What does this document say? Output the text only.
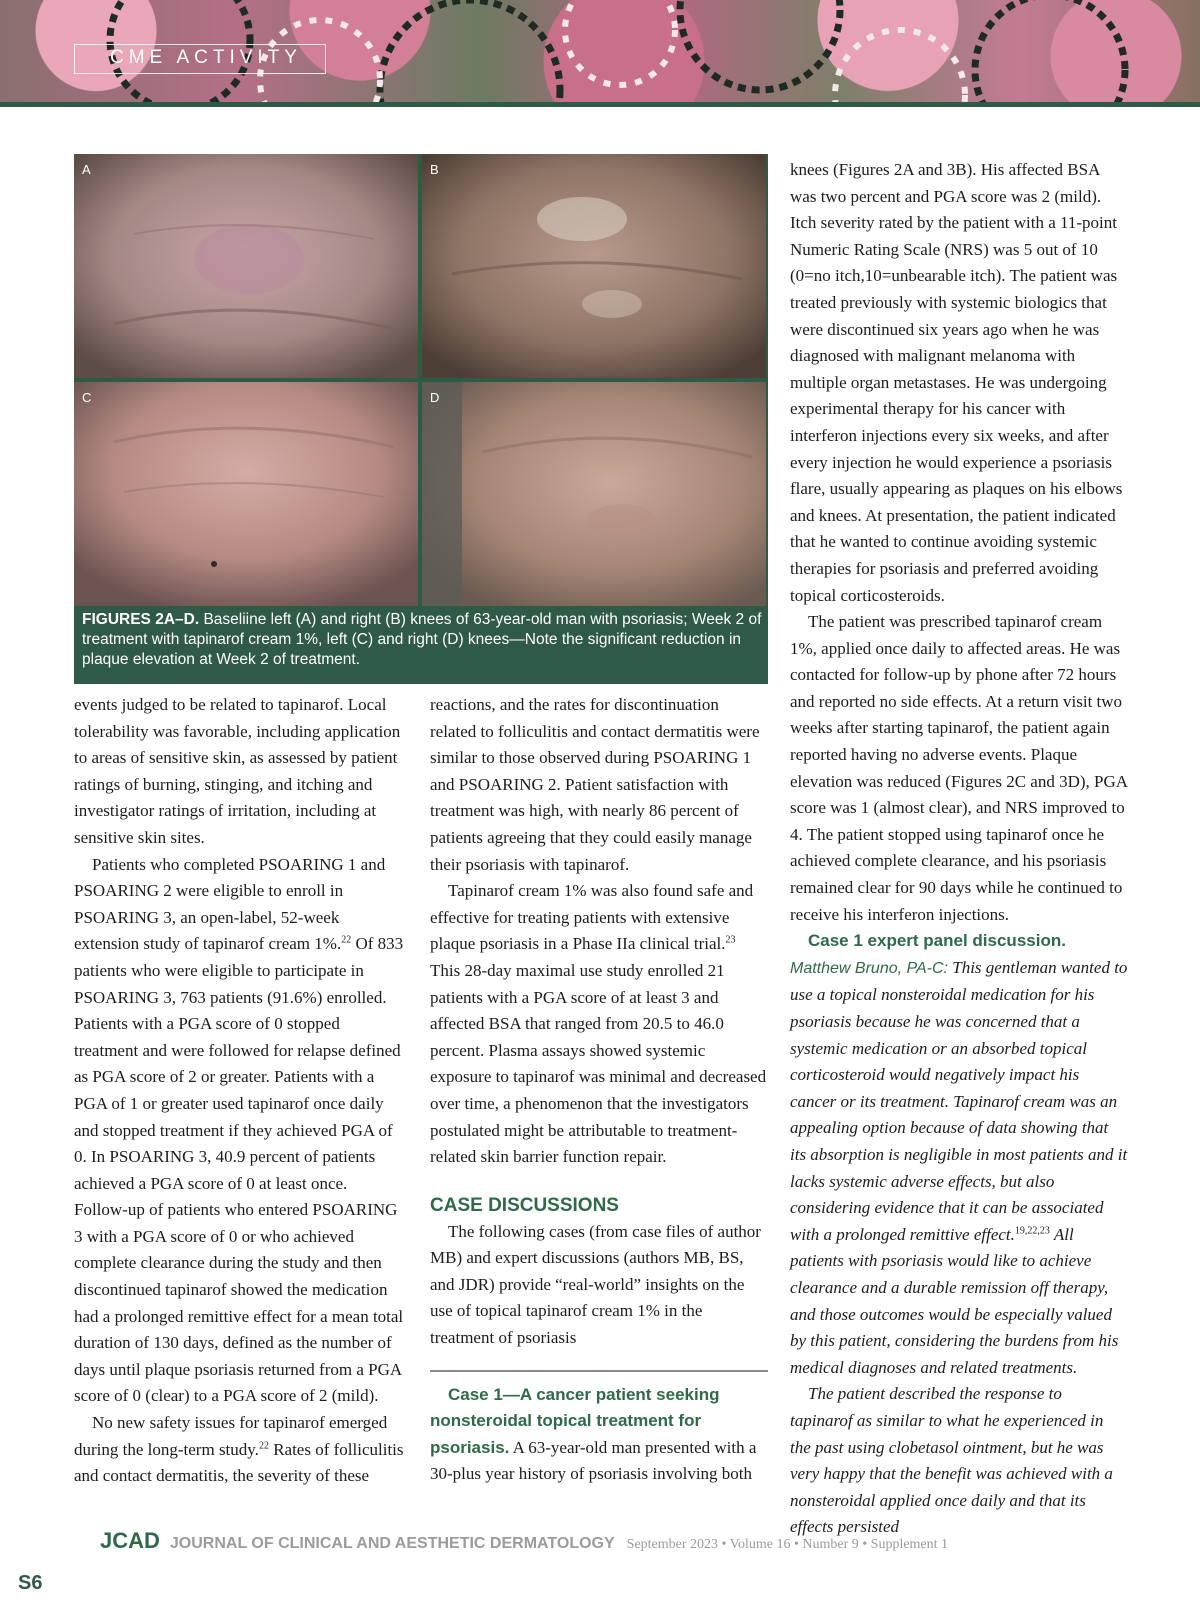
CME ACTIVITY
A	B
C	D
FIGURES 2A–D. Baseliine left (A) and right (B) knees of 63-year-old man with psoriasis; Week 2 of treatment with tapinarof cream 1%, left (C) and right (D) knees—Note the significant reduction in plaque elevation at Week 2 of treatment.

events judged to be related to tapinarof. Local tolerability was favorable, including application to areas of sensitive skin, as assessed by patient ratings of burning, stinging, and itching and investigator ratings of irritation, including at sensitive skin sites.

Patients who completed PSOARING 1 and PSOARING 2 were eligible to enroll in PSOARING 3, an open-label, 52-week extension study of tapinarof cream 1%.$^{22}$ Of 833 patients who were eligible to participate in PSOARING 3, 763 patients (91.6%) enrolled. Patients with a PGA score of 0 stopped treatment and were followed for relapse defined as PGA score of 2 or greater. Patients with a PGA of 1 or greater used tapinarof once daily and stopped treatment if they achieved PGA of 0. In PSOARING 3, 40.9 percent of patients achieved a PGA score of 0 at least once. Follow-up of patients who entered PSOARING 3 with a PGA score of 0 or who achieved complete clearance during the study and then discontinued tapinarof showed the medication had a prolonged remittive effect for a mean total duration of 130 days, defined as the number of days until plaque psoriasis returned from a PGA score of 0 (clear) to a PGA score of 2 (mild).

No new safety issues for tapinarof emerged during the long-term study.$^{22}$ Rates of folliculitis and contact dermatitis, the severity of these

reactions, and the rates for discontinuation related to folliculitis and contact dermatitis were similar to those observed during PSOARING 1 and PSOARING 2. Patient satisfaction with treatment was high, with nearly 86 percent of patients agreeing that they could easily manage their psoriasis with tapinarof.

Tapinarof cream 1% was also found safe and effective for treating patients with extensive plaque psoriasis in a Phase IIa clinical trial.$^{23}$ This 28-day maximal use study enrolled 21 patients with a PGA score of at least 3 and affected BSA that ranged from 20.5 to 46.0 percent. Plasma assays showed systemic exposure to tapinarof was minimal and decreased over time, a phenomenon that the investigators postulated might be attributable to treatment-related skin barrier function repair.

CASE DISCUSSIONS

The following cases (from case files of author MB) and expert discussions (authors MB, BS, and JDR) provide “real-world” insights on the use of topical tapinarof cream 1% in the treatment of psoriasis

Case 1—A cancer patient seeking nonsteroidal topical treatment for psoriasis. A 63-year-old man presented with a 30-plus year history of psoriasis involving both

knees (Figures 2A and 3B). His affected BSA was two percent and PGA score was 2 (mild). Itch severity rated by the patient with a 11-point Numeric Rating Scale (NRS) was 5 out of 10 (0=no itch,10=unbearable itch). The patient was treated previously with systemic biologics that were discontinued six years ago when he was diagnosed with malignant melanoma with multiple organ metastases. He was undergoing experimental therapy for his cancer with interferon injections every six weeks, and after every injection he would experience a psoriasis flare, usually appearing as plaques on his elbows and knees. At presentation, the patient indicated that he wanted to continue avoiding systemic therapies for psoriasis and preferred avoiding topical corticosteroids.

The patient was prescribed tapinarof cream 1%, applied once daily to affected areas. He was contacted for follow-up by phone after 72 hours and reported no side effects. At a return visit two weeks after starting tapinarof, the patient again reported having no adverse events. Plaque elevation was reduced (Figures 2C and 3D), PGA score was 1 (almost clear), and NRS improved to 4. The patient stopped using tapinarof once he achieved complete clearance, and his psoriasis remained clear for 90 days while he continued to receive his interferon injections.

Case 1 expert panel discussion.
Matthew Bruno, PA-C: This gentleman wanted to use a topical nonsteroidal medication for his psoriasis because he was concerned that a systemic medication or an absorbed topical corticosteroid would negatively impact his cancer or its treatment. Tapinarof cream was an appealing option because of data showing that its absorption is negligible in most patients and it lacks systemic adverse effects, but also considering evidence that it can be associated with a prolonged remittive effect.$^{19,22,23}$ All patients with psoriasis would like to achieve clearance and a durable remission off therapy, and those outcomes would be especially valued by this patient, considering the burdens from his medical diagnoses and related treatments.

The patient described the response to tapinarof as similar to what he experienced in the past using clobetasol ointment, but he was very happy that the benefit was achieved with a nonsteroidal applied once daily and that its effects persisted

JCAD JOURNAL OF CLINICAL AND AESTHETIC DERMATOLOGY September 2023 • Volume 16 • Number 9 • Supplement 1
S6
